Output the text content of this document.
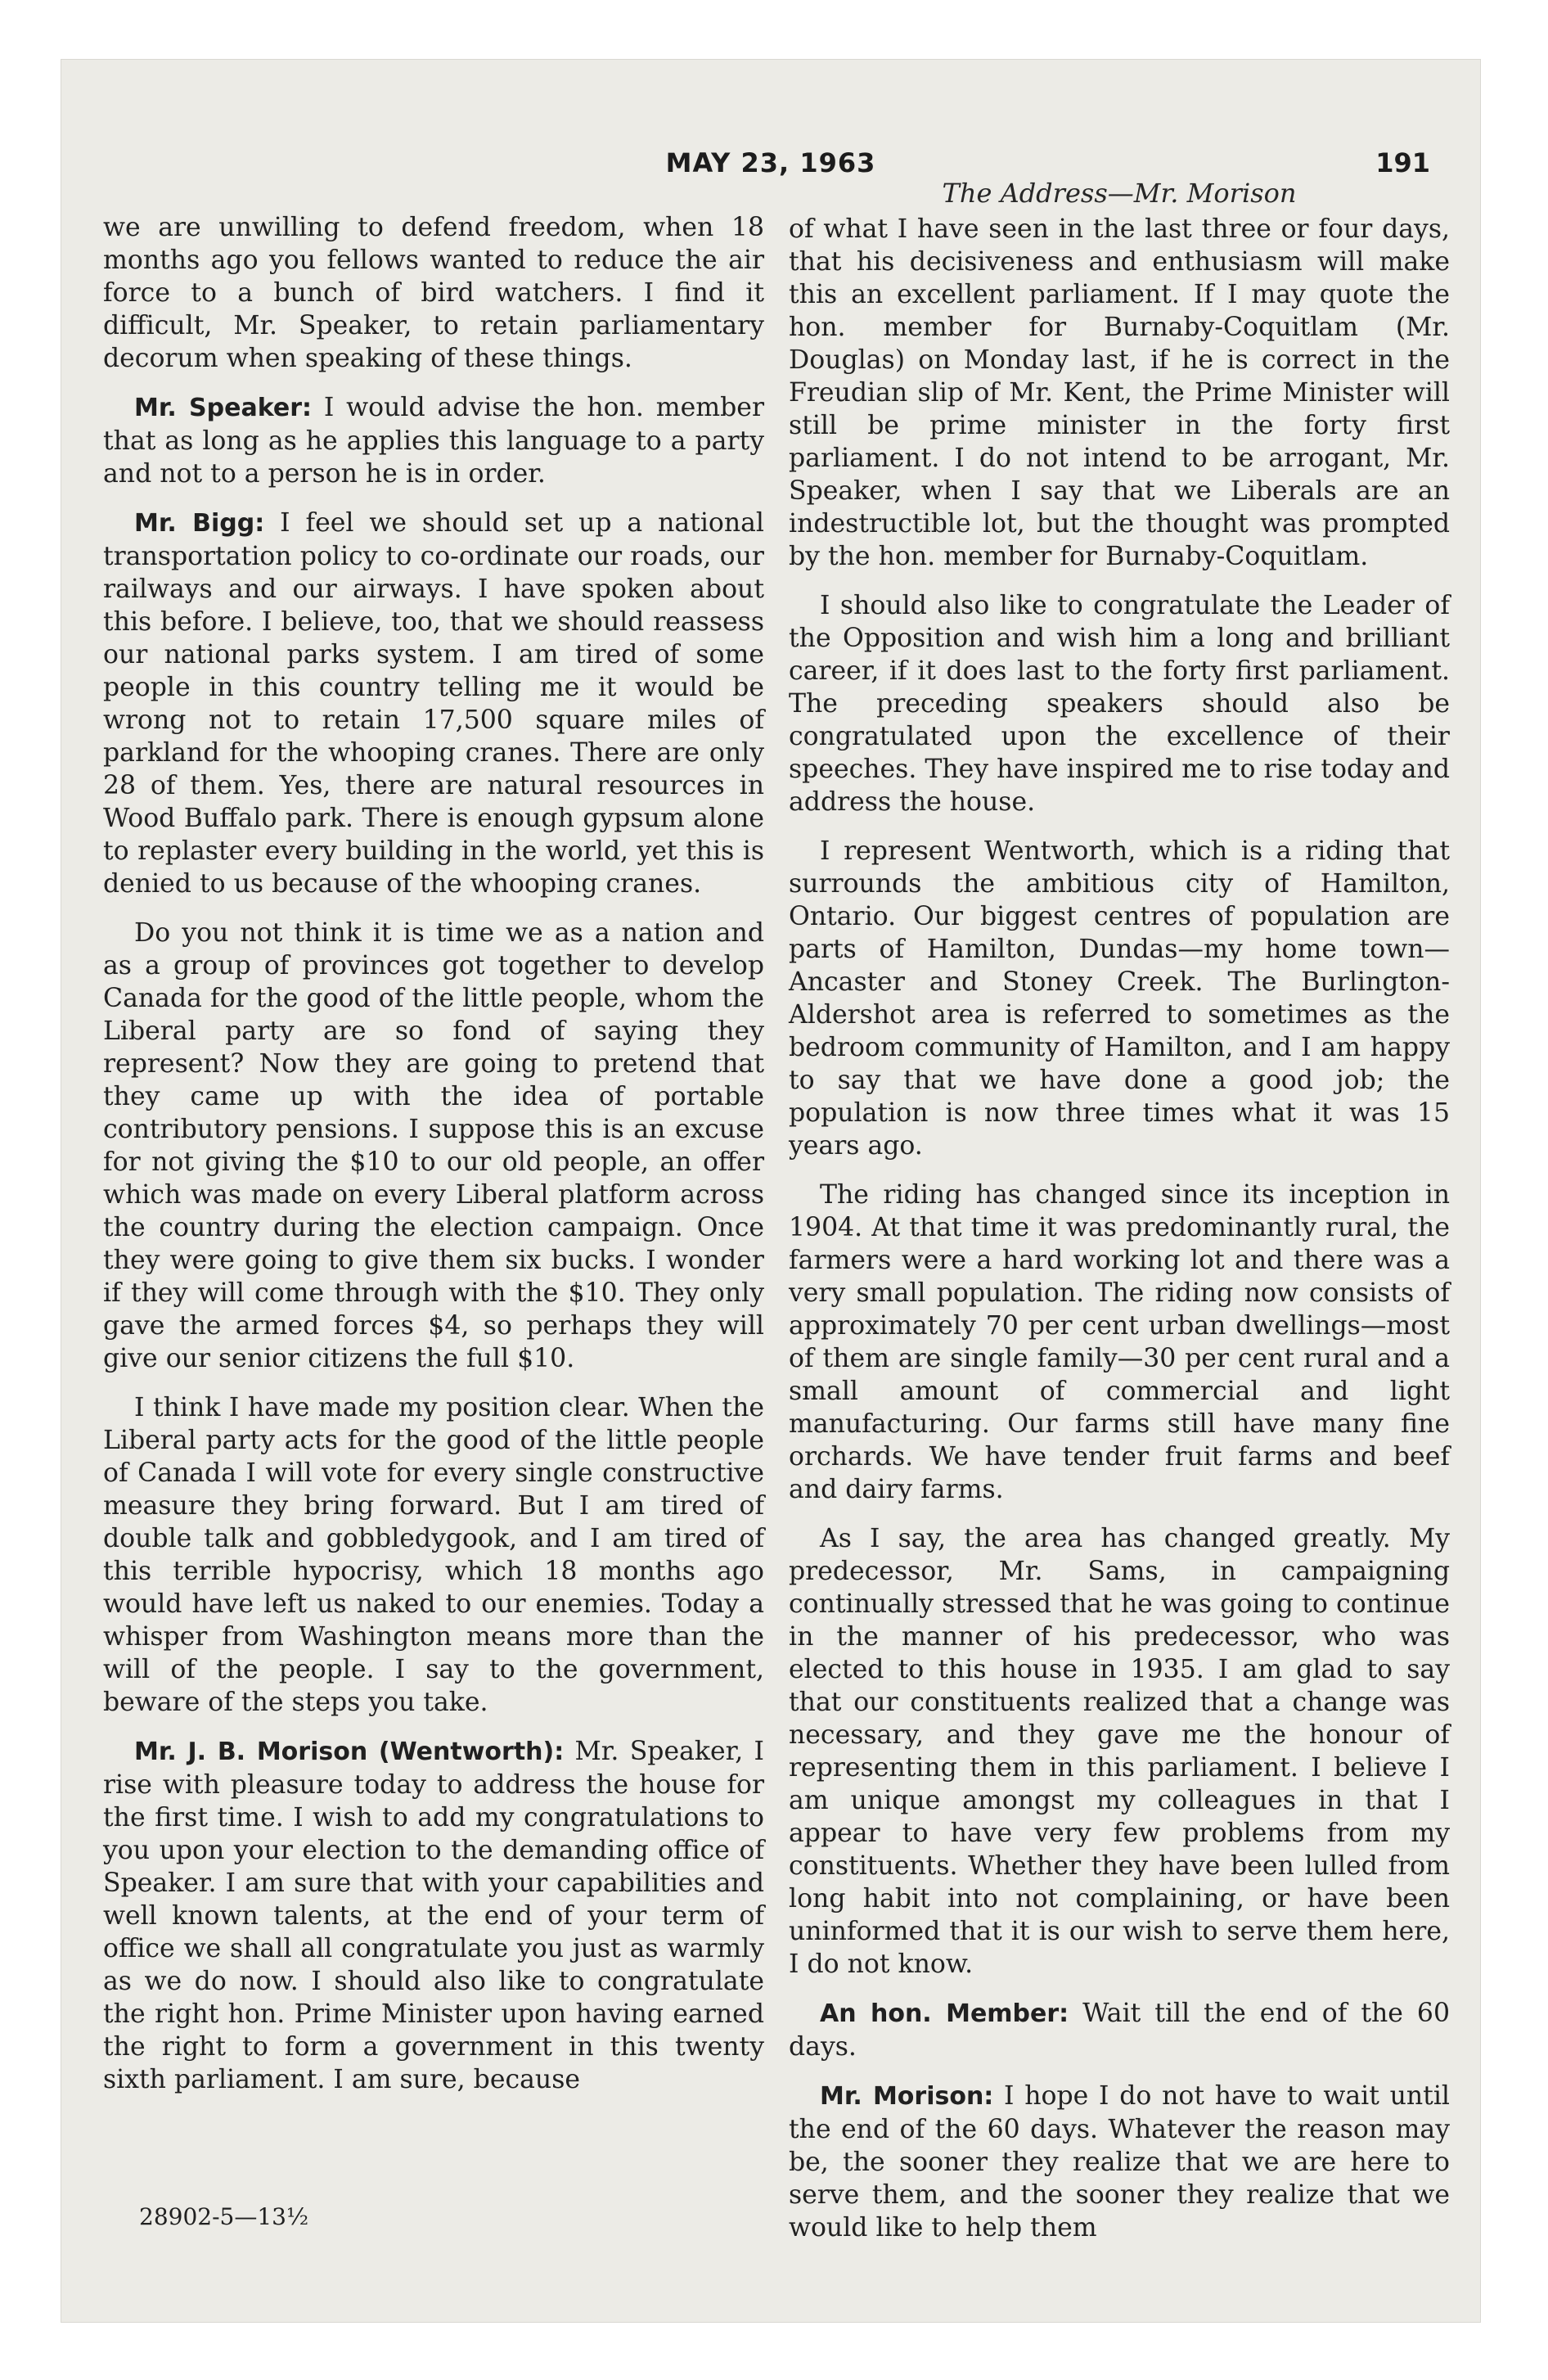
MAY 23, 1963	191

we are unwilling to defend freedom, when 18 months ago you fellows wanted to reduce the air force to a bunch of bird watchers. I find it difficult, Mr. Speaker, to retain parliamentary decorum when speaking of these things.

Mr. Speaker: I would advise the hon. member that as long as he applies this language to a party and not to a person he is in order.

Mr. Bigg: I feel we should set up a national transportation policy to co-ordinate our roads, our railways and our airways. I have spoken about this before. I believe, too, that we should reassess our national parks system. I am tired of some people in this country telling me it would be wrong not to retain 17,500 square miles of parkland for the whooping cranes. There are only 28 of them. Yes, there are natural resources in Wood Buffalo park. There is enough gypsum alone to replaster every building in the world, yet this is denied to us because of the whooping cranes.

Do you not think it is time we as a nation and as a group of provinces got together to develop Canada for the good of the little people, whom the Liberal party are so fond of saying they represent? Now they are going to pretend that they came up with the idea of portable contributory pensions. I suppose this is an excuse for not giving the $10 to our old people, an offer which was made on every Liberal platform across the country during the election campaign. Once they were going to give them six bucks. I wonder if they will come through with the $10. They only gave the armed forces $4, so perhaps they will give our senior citizens the full $10.

I think I have made my position clear. When the Liberal party acts for the good of the little people of Canada I will vote for every single constructive measure they bring forward. But I am tired of double talk and gobbledygook, and I am tired of this terrible hypocrisy, which 18 months ago would have left us naked to our enemies. Today a whisper from Washington means more than the will of the people. I say to the government, beware of the steps you take.

Mr. J. B. Morison (Wentworth): Mr. Speaker, I rise with pleasure today to address the house for the first time. I wish to add my congratulations to you upon your election to the demanding office of Speaker. I am sure that with your capabilities and well known talents, at the end of your term of office we shall all congratulate you just as warmly as we do now. I should also like to congratulate the right hon. Prime Minister upon having earned the right to form a government in this twenty sixth parliament. I am sure, because

The Address—Mr. Morison

of what I have seen in the last three or four days, that his decisiveness and enthusiasm will make this an excellent parliament. If I may quote the hon. member for Burnaby-Coquitlam (Mr. Douglas) on Monday last, if he is correct in the Freudian slip of Mr. Kent, the Prime Minister will still be prime minister in the forty first parliament. I do not intend to be arrogant, Mr. Speaker, when I say that we Liberals are an indestructible lot, but the thought was prompted by the hon. member for Burnaby-Coquitlam.

I should also like to congratulate the Leader of the Opposition and wish him a long and brilliant career, if it does last to the forty first parliament. The preceding speakers should also be congratulated upon the excellence of their speeches. They have inspired me to rise today and address the house.

I represent Wentworth, which is a riding that surrounds the ambitious city of Hamilton, Ontario. Our biggest centres of population are parts of Hamilton, Dundas—my home town—Ancaster and Stoney Creek. The Burlington-Aldershot area is referred to sometimes as the bedroom community of Hamilton, and I am happy to say that we have done a good job; the population is now three times what it was 15 years ago.

The riding has changed since its inception in 1904. At that time it was predominantly rural, the farmers were a hard working lot and there was a very small population. The riding now consists of approximately 70 per cent urban dwellings—most of them are single family—30 per cent rural and a small amount of commercial and light manufacturing. Our farms still have many fine orchards. We have tender fruit farms and beef and dairy farms.

As I say, the area has changed greatly. My predecessor, Mr. Sams, in campaigning continually stressed that he was going to continue in the manner of his predecessor, who was elected to this house in 1935. I am glad to say that our constituents realized that a change was necessary, and they gave me the honour of representing them in this parliament. I believe I am unique amongst my colleagues in that I appear to have very few problems from my constituents. Whether they have been lulled from long habit into not complaining, or have been uninformed that it is our wish to serve them here, I do not know.

An hon. Member: Wait till the end of the 60 days.

Mr. Morison: I hope I do not have to wait until the end of the 60 days. Whatever the reason may be, the sooner they realize that we are here to serve them, and the sooner they realize that we would like to help them

28902-5—13½
